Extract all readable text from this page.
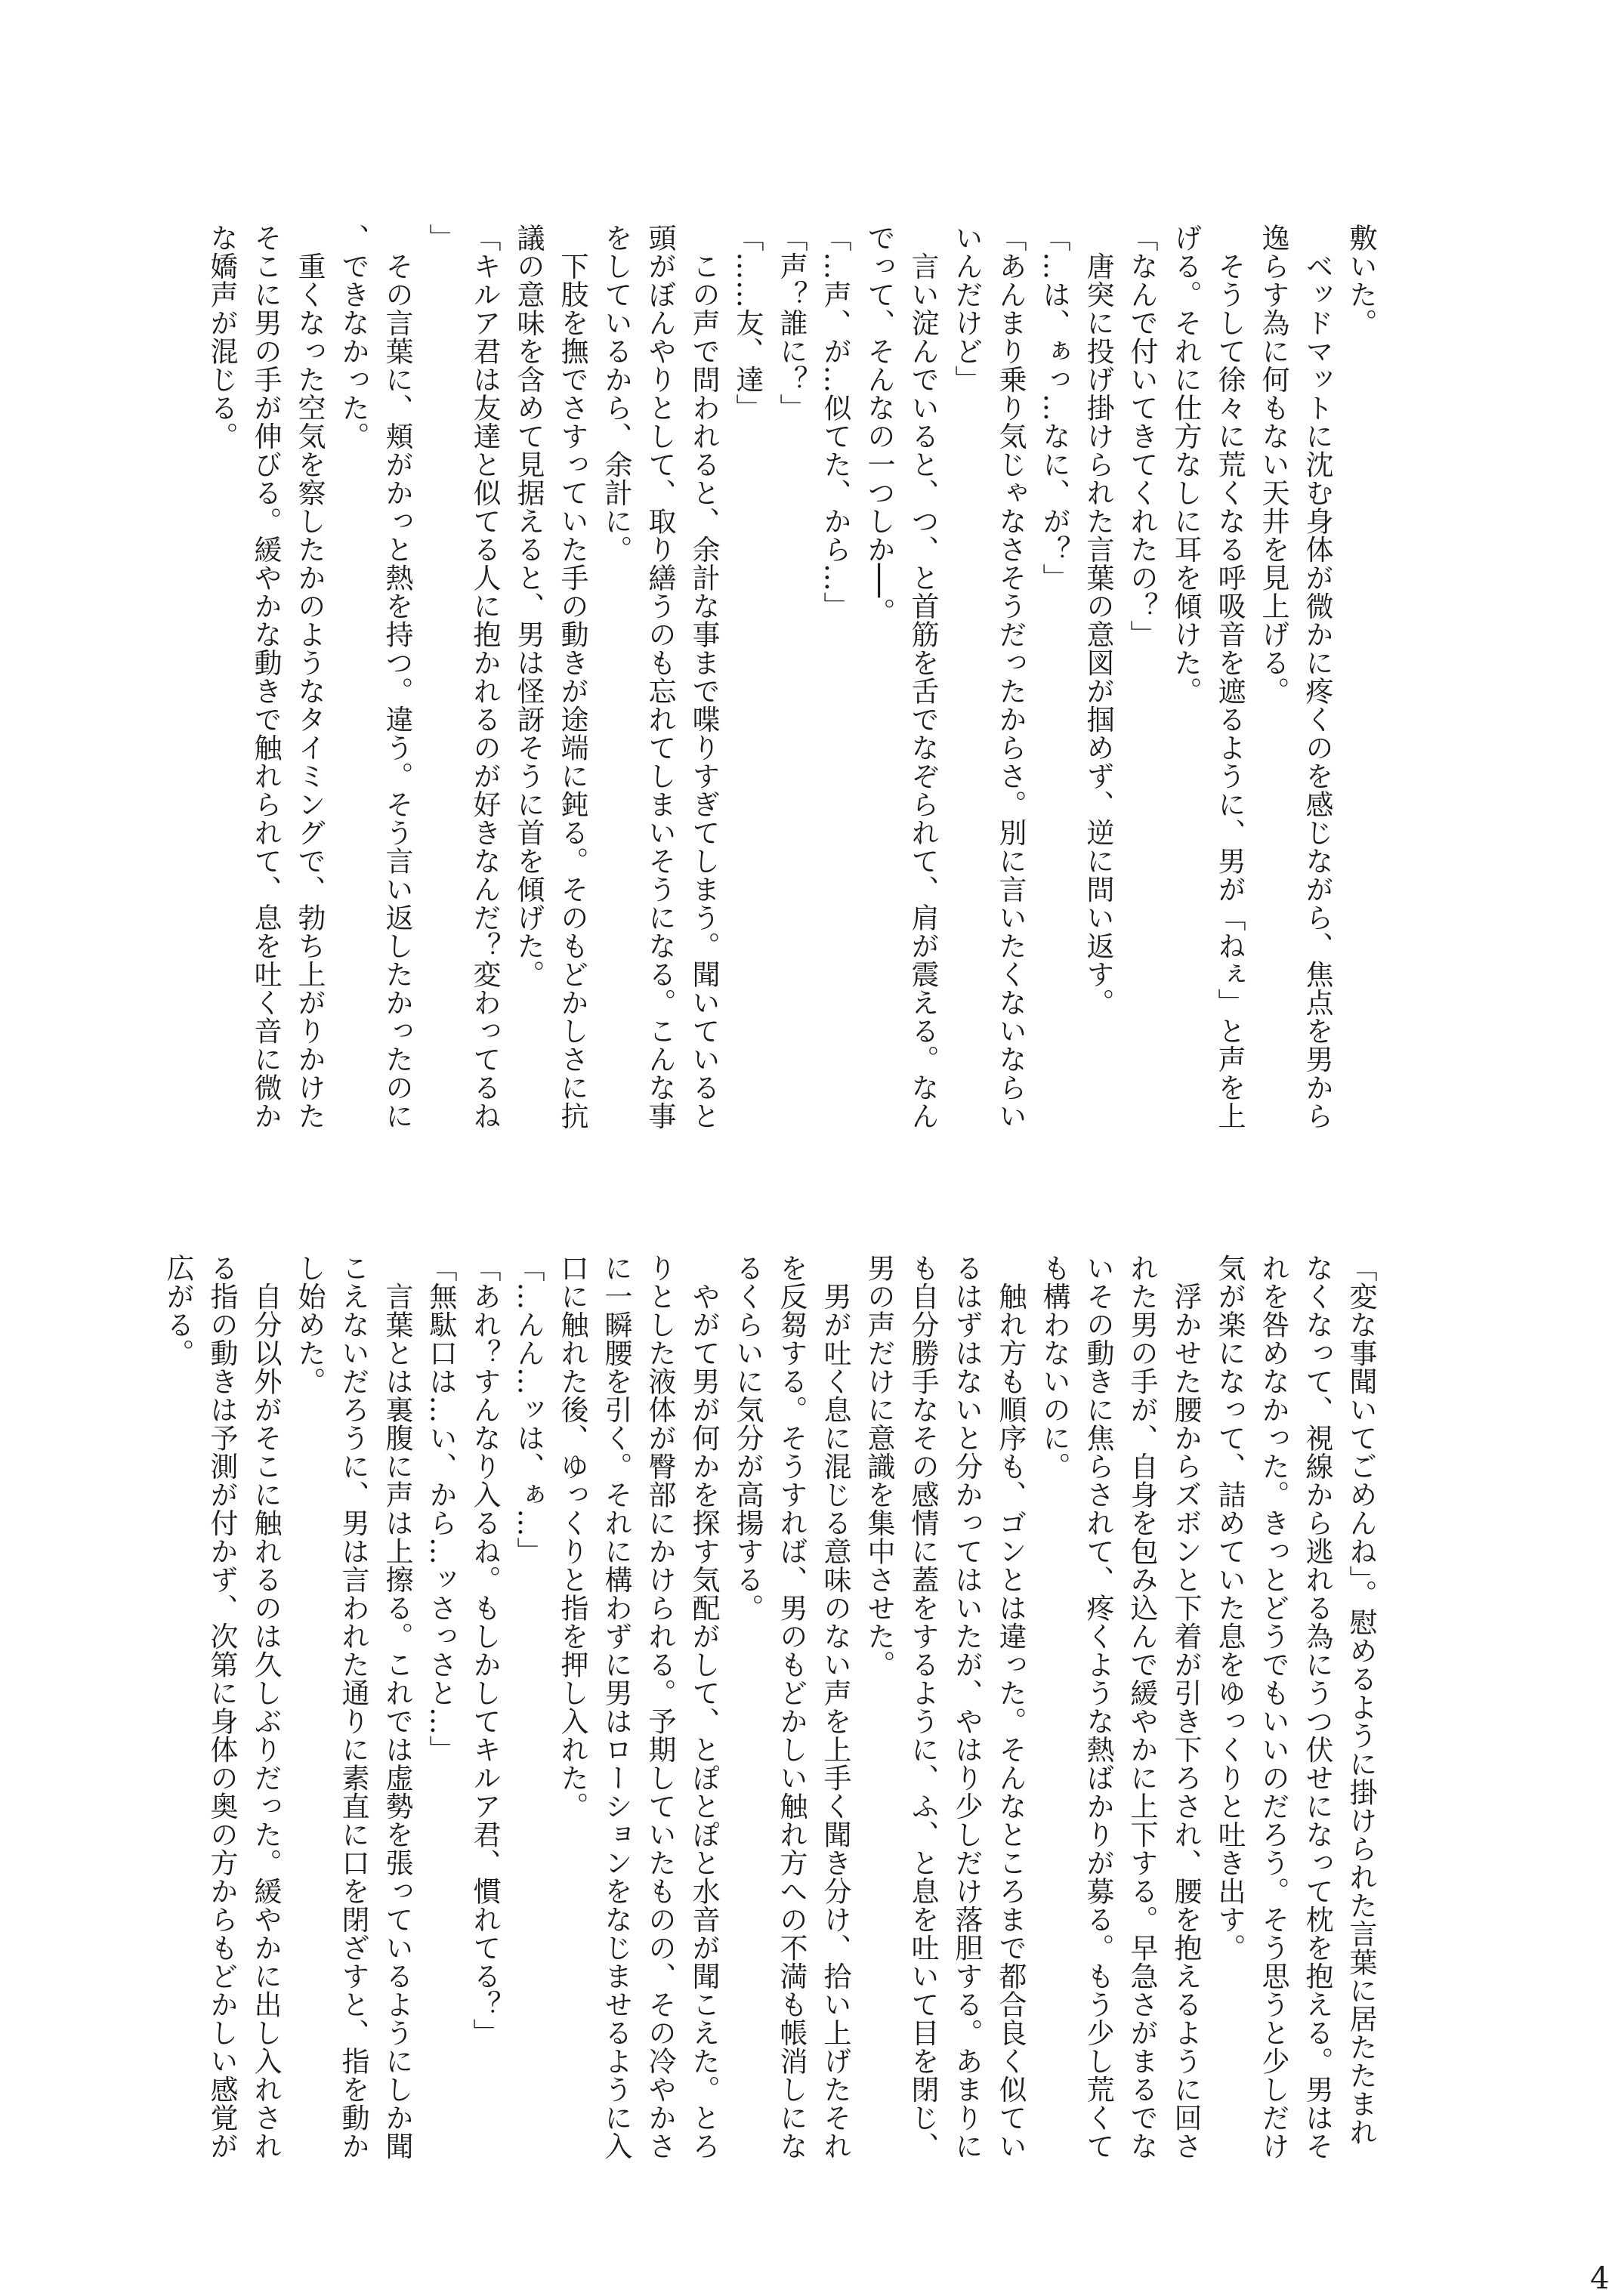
敷いた。

　ベッドマットに沈む身体が微かに疼くのを感じながら、焦点を男から
逸らす為に何もない天井を見上げる。

　そうして徐々に荒くなる呼吸音を遮るように、男が「ねぇ」と声を上
げる。それに仕方なしに耳を傾けた。

「なんで付いてきてくれたの？」

　唐突に投げ掛けられた言葉の意図が掴めず、逆に問い返す。

「…は、ぁっ…なに、が？」

「あんまり乗り気じゃなさそうだったからさ。別に言いたくないならい
いんだけど」

　言い淀んでいると、つ、と首筋を舌でなぞられて、肩が震える。なん
でって、そんなの一つしか──。

「…声、が…似てた、から…」

「声？誰に？」

「……友、達」

　この声で問われると、余計な事まで喋りすぎてしまう。聞いていると
頭がぼんやりとして、取り繕うのも忘れてしまいそうになる。こんな事
をしているから、余計に。

　下肢を撫でさすっていた手の動きが途端に鈍る。そのもどかしさに抗
議の意味を含めて見据えると、男は怪訝そうに首を傾げた。

「キルア君は友達と似てる人に抱かれるのが好きなんだ？変わってるね
」

　その言葉に、頬がかっと熱を持つ。違う。そう言い返したかったのに
、できなかった。

　重くなった空気を察したかのようなタイミングで、勃ち上がりかけた
そこに男の手が伸びる。緩やかな動きで触れられて、息を吐く音に微か
な嬌声が混じる。

「変な事聞いてごめんね」。慰めるように掛けられた言葉に居たたまれ
なくなって、視線から逃れる為にうつ伏せになって枕を抱える。男はそ
れを咎めなかった。きっとどうでもいいのだろう。そう思うと少しだけ
気が楽になって、詰めていた息をゆっくりと吐き出す。

　浮かせた腰からズボンと下着が引き下ろされ、腰を抱えるように回さ
れた男の手が、自身を包み込んで緩やかに上下する。早急さがまるでな
いその動きに焦らされて、疼くような熱ばかりが募る。もう少し荒くて
も構わないのに。

　触れ方も順序も、ゴンとは違った。そんなところまで都合良く似てい
るはずはないと分かってはいたが、やはり少しだけ落胆する。あまりに
も自分勝手なその感情に蓋をするように、ふ、と息を吐いて目を閉じ、
男の声だけに意識を集中させた。

　男が吐く息に混じる意味のない声を上手く聞き分け、拾い上げたそれ
を反芻する。そうすれば、男のもどかしい触れ方への不満も帳消しにな
るくらいに気分が高揚する。

　やがて男が何かを探す気配がして、とぽとぽと水音が聞こえた。とろ
りとした液体が臀部にかけられる。予期していたものの、その冷やかさ
に一瞬腰を引く。それに構わずに男はローションをなじませるように入
口に触れた後、ゆっくりと指を押し入れた。

「…んん…ッは、ぁ…」

「あれ？すんなり入るね。もしかしてキルア君、慣れてる？」

「無駄口は…い、から…ッさっさと…」

　言葉とは裏腹に声は上擦る。これでは虚勢を張っているようにしか聞
こえないだろうに、男は言われた通りに素直に口を閉ざすと、指を動か
し始めた。

　自分以外がそこに触れるのは久しぶりだった。緩やかに出し入れされ
る指の動きは予測が付かず、次第に身体の奥の方からもどかしい感覚が
広がる。

4
